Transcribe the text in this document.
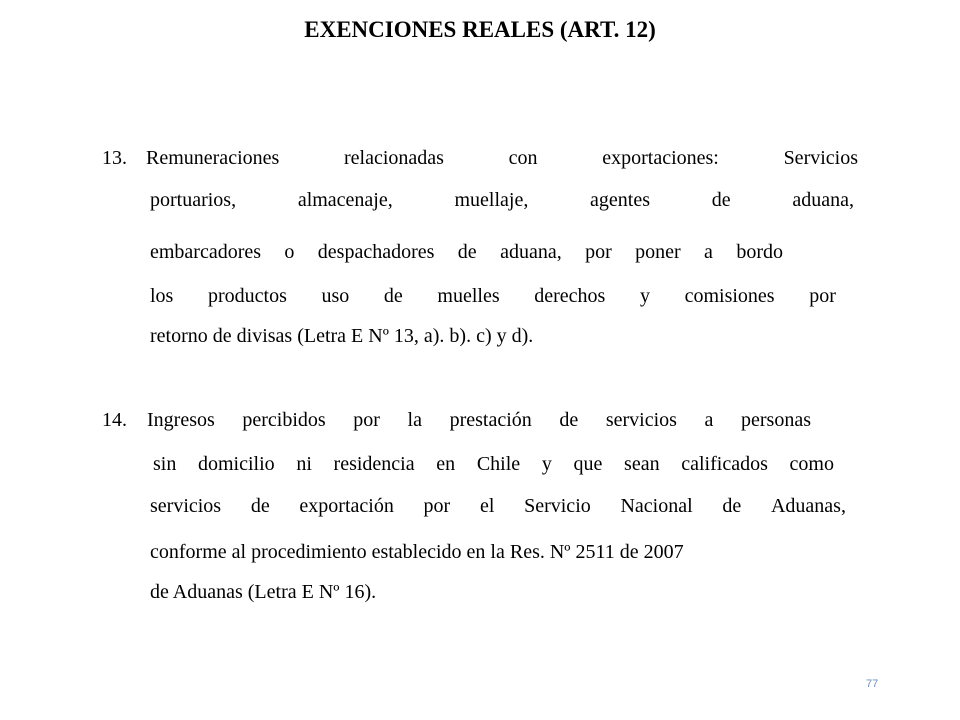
EXENCIONES REALES (ART. 12)
13. Remuneraciones	relacionadas	con	exportaciones:	Servicios
portuarios,	almacenaje,	muellaje,	agentes	de	aduana,
embarcadores o despachadores de aduana, por poner a bordo
los productos uso de muelles derechos y comisiones por
retorno de divisas (Letra E Nº 13, a). b). c) y d).
14. Ingresos percibidos por la prestación de servicios a personas
sin domicilio ni residencia en Chile y que sean calificados como
servicios de exportación por el Servicio Nacional de Aduanas,
conforme al procedimiento establecido en la Res. Nº 2511 de 2007
de Aduanas (Letra E Nº 16).
77
